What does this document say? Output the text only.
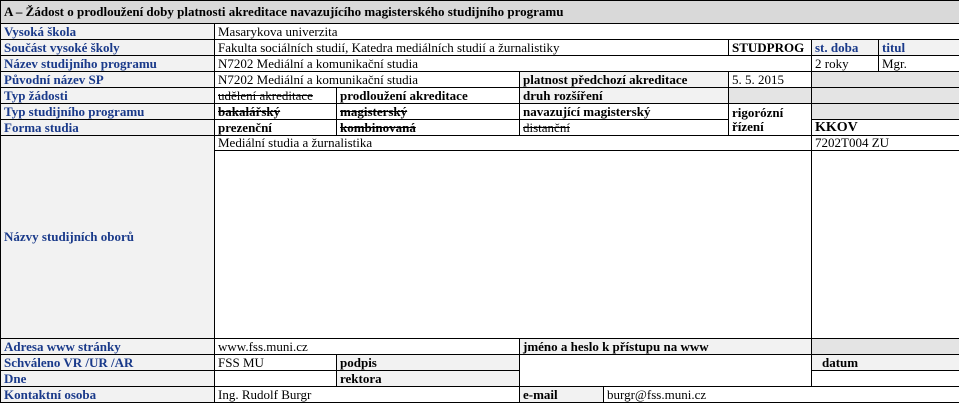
A – Žádost o prodloužení doby platnosti akreditace navazujícího magisterského studijního programu							
Vysoká škola	Masarykova univerzita						
Součást vysoké školy	Fakulta sociálních studií, Katedra mediálních studií a žurnalistiky				STUDPROG	st. doba	titul
Název studijního programu	N7202 Mediální a komunikační studia					2 roky	Mgr.
Původní název SP	N7202 Mediální a komunikační studia		platnost předchozí akreditace		5. 5. 2015		
Typ žádosti	udělení akreditace	prodloužení akreditace	druh rozšíření				
Typ studijního programu	bakalářský	magisterský	navazující magisterský		rigorózní řízení		
Forma studia	prezenční	kombinovaná	distanční			KKOV	
Názvy studijních oborů	Mediální studia a žurnalistika					7202T004 ZU	

Adresa www stránky	www.fss.muni.cz		jméno a heslo k přístupu na www				
Schváleno VR /UR /AR	FSS MU	podpis				datum	
Dne		rektora					
Kontaktní osoba	Ing. Rudolf Burgr		e-mail	burgr@fss.muni.cz			
